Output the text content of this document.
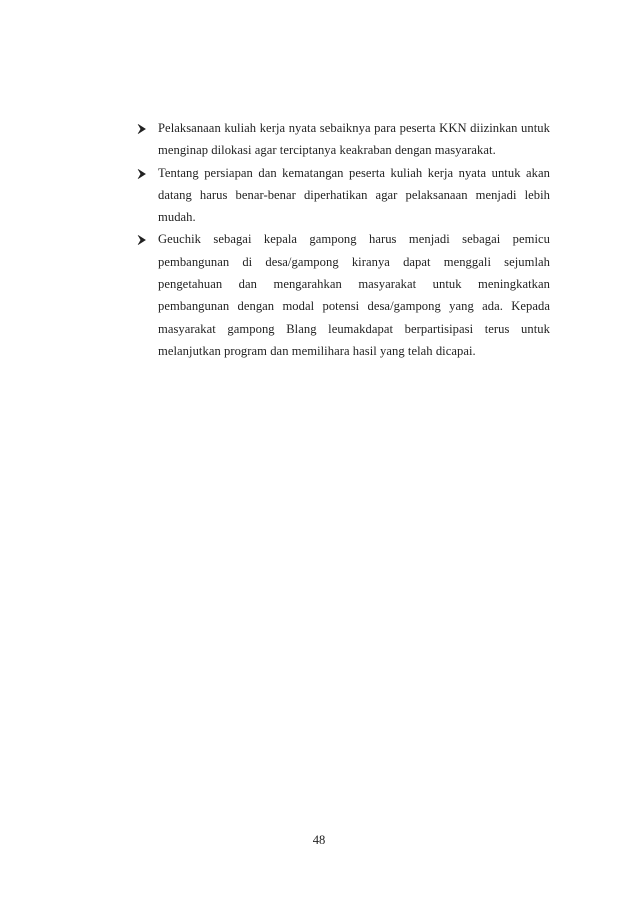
Pelaksanaan kuliah kerja nyata sebaiknya para peserta KKN diizinkan untuk menginap dilokasi agar terciptanya keakraban dengan masyarakat.
Tentang persiapan dan kematangan peserta kuliah kerja nyata untuk akan datang harus benar-benar diperhatikan agar pelaksanaan menjadi lebih mudah.
Geuchik sebagai kepala gampong harus menjadi sebagai pemicu pembangunan di desa/gampong kiranya dapat menggali sejumlah pengetahuan dan mengarahkan masyarakat untuk meningkatkan pembangunan dengan modal potensi desa/gampong yang ada. Kepada masyarakat gampong Blang leumakdapat berpartisipasi terus untuk melanjutkan program dan memilihara hasil yang telah dicapai.
48
